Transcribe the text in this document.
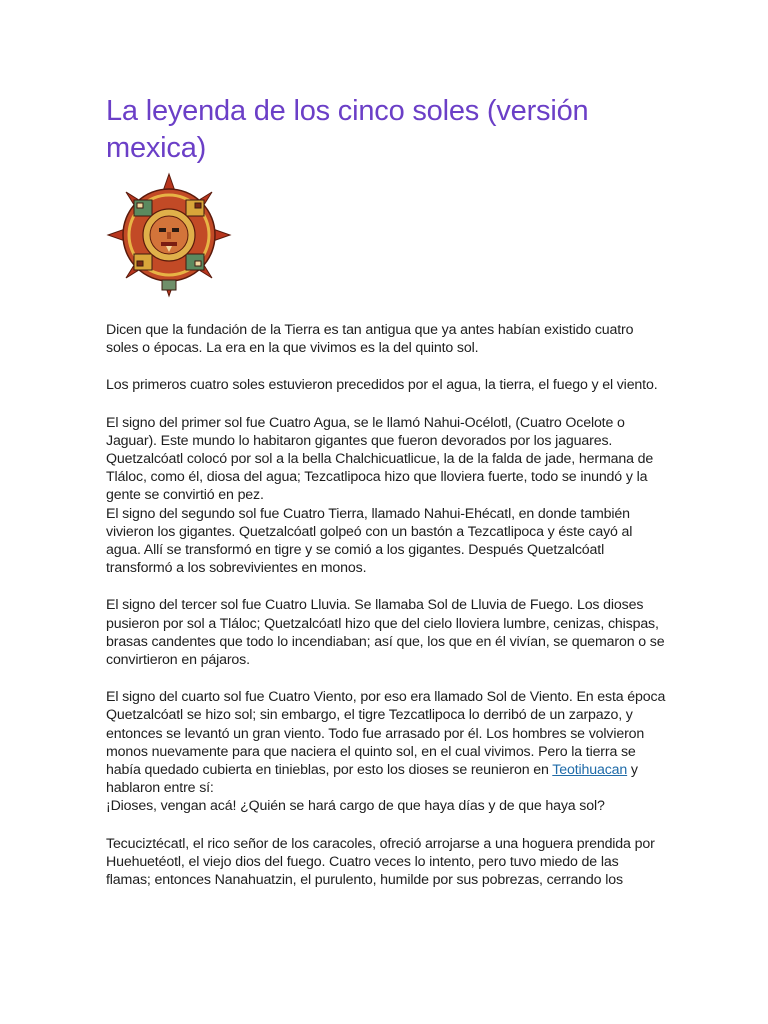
La leyenda de los cinco soles (versión mexica)

Dicen que la fundación de la Tierra es tan antigua que ya antes habían existido cuatro soles o épocas. La era en la que vivimos es la del quinto sol.

Los primeros cuatro soles estuvieron precedidos por el agua, la tierra, el fuego y el viento.

El signo del primer sol fue Cuatro Agua, se le llamó Nahui-Océlotl, (Cuatro Ocelote o Jaguar). Este mundo lo habitaron gigantes que fueron devorados por los jaguares. Quetzalcóatl colocó por sol a la bella Chalchicuatlicue, la de la falda de jade, hermana de Tláloc, como él, diosa del agua; Tezcatlipoca hizo que lloviera fuerte, todo se inundó y la gente se convirtió en pez.

El signo del segundo sol fue Cuatro Tierra, llamado Nahui-Ehécatl, en donde también vivieron los gigantes. Quetzalcóatl golpeó con un bastón a Tezcatlipoca y éste cayó al agua. Allí se transformó en tigre y se comió a los gigantes. Después Quetzalcóatl transformó a los sobrevivientes en monos.

El signo del tercer sol fue Cuatro Lluvia. Se llamaba Sol de Lluvia de Fuego. Los dioses pusieron por sol a Tláloc; Quetzalcóatl hizo que del cielo lloviera lumbre, cenizas, chispas, brasas candentes que todo lo incendiaban; así que, los que en él vivían, se quemaron o se convirtieron en pájaros.

El signo del cuarto sol fue Cuatro Viento, por eso era llamado Sol de Viento. En esta época Quetzalcóatl se hizo sol; sin embargo, el tigre Tezcatlipoca lo derribó de un zarpazo, y entonces se levantó un gran viento. Todo fue arrasado por él. Los hombres se volvieron monos nuevamente para que naciera el quinto sol, en el cual vivimos. Pero la tierra se había quedado cubierta en tinieblas, por esto los dioses se reunieron en Teotihuacan y hablaron entre sí:
¡Dioses, vengan acá! ¿Quién se hará cargo de que haya días y de que haya sol?

Tecuciztécatl, el rico señor de los caracoles, ofreció arrojarse a una hoguera prendida por Huehuetéotl, el viejo dios del fuego. Cuatro veces lo intento, pero tuvo miedo de las flamas; entonces Nanahuatzin, el purulento, humilde por sus pobrezas, cerrando los
